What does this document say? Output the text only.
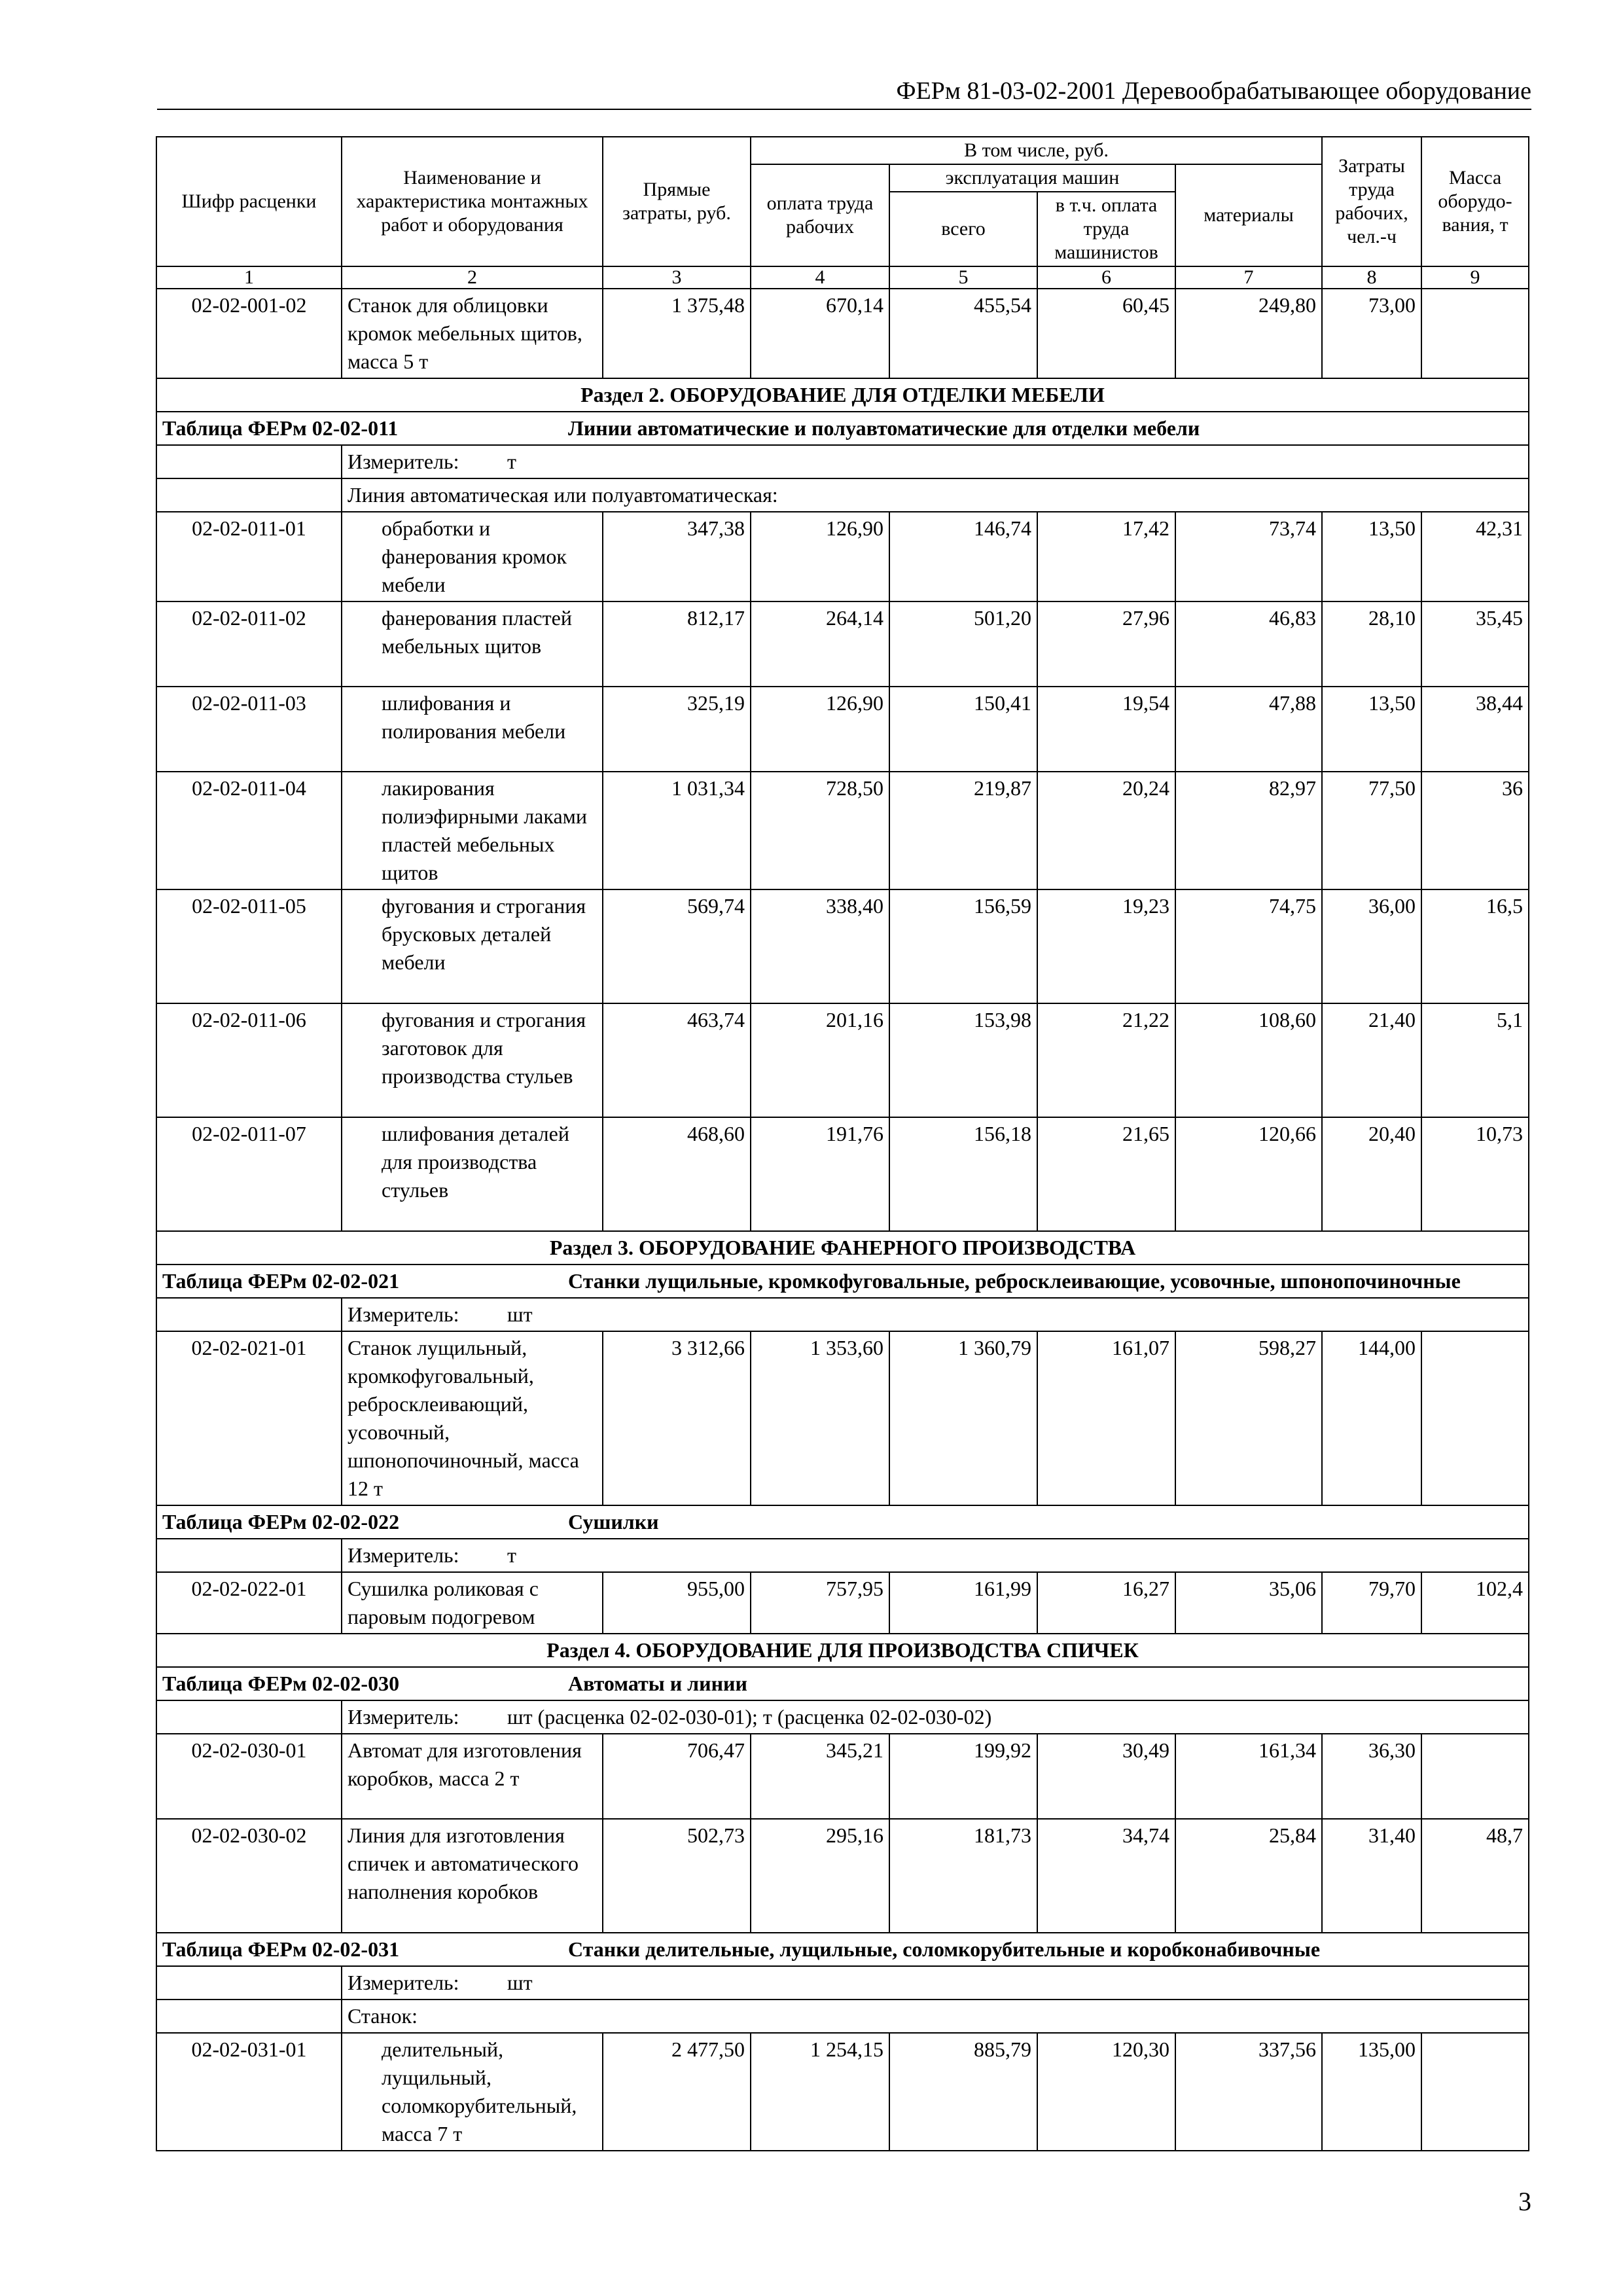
ФЕРм 81-03-02-2001 Деревообрабатывающее оборудование
Шифр расценки	Наименование и характеристика монтажных работ и оборудования	Прямые затраты, руб.	В том числе, руб.				Затраты труда рабочих, чел.-ч	Масса оборудо-вания, т
			оплата труда рабочих	эксплуатация машин		материалы		
				всего	в т.ч. оплата труда машинистов			
1	2	3	4	5	6	7	8	9
02-02-001-02	Станок для облицовки кромок мебельных щитов, масса 5 т	1 375,48	670,14	455,54	60,45	249,80	73,00	
Раздел 2. ОБОРУДОВАНИЕ ДЛЯ ОТДЕЛКИ МЕБЕЛИ								
Таблица ФЕРм 02-02-011 Линии автоматические и полуавтоматические для отделки мебели								
	Измеритель: т							
	Линия автоматическая или полуавтоматическая:							
02-02-011-01	обработки и фанерования кромок мебели	347,38	126,90	146,74	17,42	73,74	13,50	42,31
02-02-011-02	фанерования пластей мебельных щитов	812,17	264,14	501,20	27,96	46,83	28,10	35,45
02-02-011-03	шлифования и полирования мебели	325,19	126,90	150,41	19,54	47,88	13,50	38,44
02-02-011-04	лакирования полиэфирными лаками пластей мебельных щитов	1 031,34	728,50	219,87	20,24	82,97	77,50	36
02-02-011-05	фугования и строгания брусковых деталей мебели	569,74	338,40	156,59	19,23	74,75	36,00	16,5
02-02-011-06	фугования и строгания заготовок для производства стульев	463,74	201,16	153,98	21,22	108,60	21,40	5,1
02-02-011-07	шлифования деталей для производства стульев	468,60	191,76	156,18	21,65	120,66	20,40	10,73
Раздел 3. ОБОРУДОВАНИЕ ФАНЕРНОГО ПРОИЗВОДСТВА								
Таблица ФЕРм 02-02-021 Станки лущильные, кромкофуговальные, ребросклеивающие, усовочные, шпонопочиночные								
	Измеритель: шт							
02-02-021-01	Станок лущильный, кромкофуговальный, ребросклеивающий, усовочный, шпонопочиночный, масса 12 т	3 312,66	1 353,60	1 360,79	161,07	598,27	144,00	
Таблица ФЕРм 02-02-022 Сушилки								
	Измеритель: т							
02-02-022-01	Сушилка роликовая с паровым подогревом	955,00	757,95	161,99	16,27	35,06	79,70	102,4
Раздел 4. ОБОРУДОВАНИЕ ДЛЯ ПРОИЗВОДСТВА СПИЧЕК								
Таблица ФЕРм 02-02-030 Автоматы и линии								
	Измеритель: шт (расценка 02-02-030-01); т (расценка 02-02-030-02)							
02-02-030-01	Автомат для изготовления коробков, масса 2 т	706,47	345,21	199,92	30,49	161,34	36,30	
02-02-030-02	Линия для изготовления спичек и автоматического наполнения коробков	502,73	295,16	181,73	34,74	25,84	31,40	48,7
Таблица ФЕРм 02-02-031 Станки делительные, лущильные, соломкорубительные и коробконабивочные								
	Измеритель: шт							
	Станок:							
02-02-031-01	делительный, лущильный, соломкорубительный, масса 7 т	2 477,50	1 254,15	885,79	120,30	337,56	135,00	
3
